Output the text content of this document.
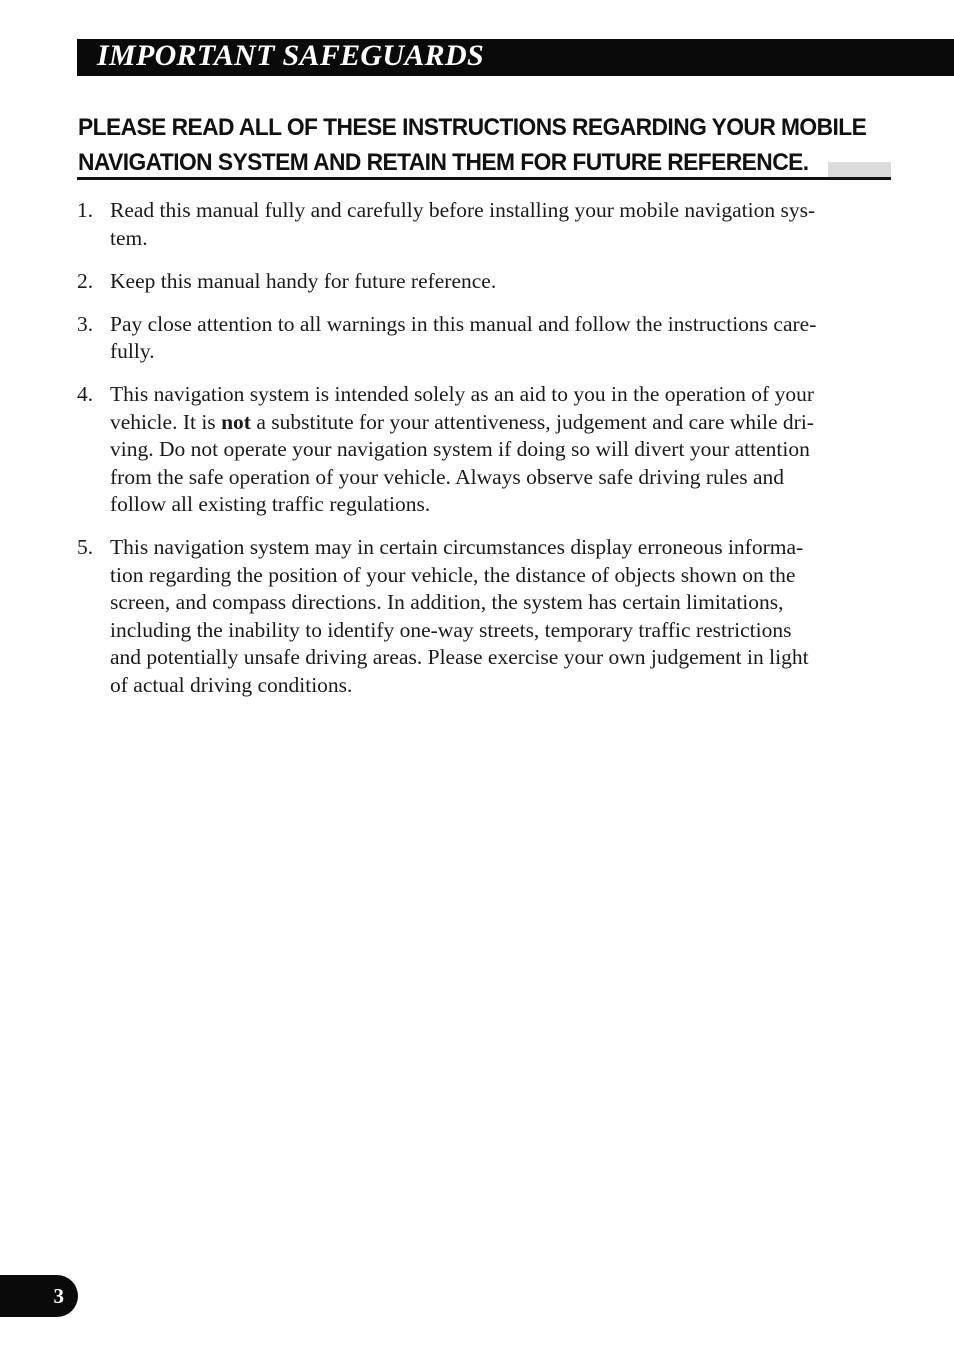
IMPORTANT SAFEGUARDS
PLEASE READ ALL OF THESE INSTRUCTIONS REGARDING YOUR MOBILE
NAVIGATION SYSTEM AND RETAIN THEM FOR FUTURE REFERENCE.
1. Read this manual fully and carefully before installing your mobile navigation sys-
tem.
2. Keep this manual handy for future reference.
3. Pay close attention to all warnings in this manual and follow the instructions care-
fully.
4. This navigation system is intended solely as an aid to you in the operation of your
vehicle. It is not a substitute for your attentiveness, judgement and care while dri-
ving. Do not operate your navigation system if doing so will divert your attention
from the safe operation of your vehicle. Always observe safe driving rules and
follow all existing traffic regulations.
5. This navigation system may in certain circumstances display erroneous informa-
tion regarding the position of your vehicle, the distance of objects shown on the
screen, and compass directions. In addition, the system has certain limitations,
including the inability to identify one-way streets, temporary traffic restrictions
and potentially unsafe driving areas. Please exercise your own judgement in light
of actual driving conditions.
3
